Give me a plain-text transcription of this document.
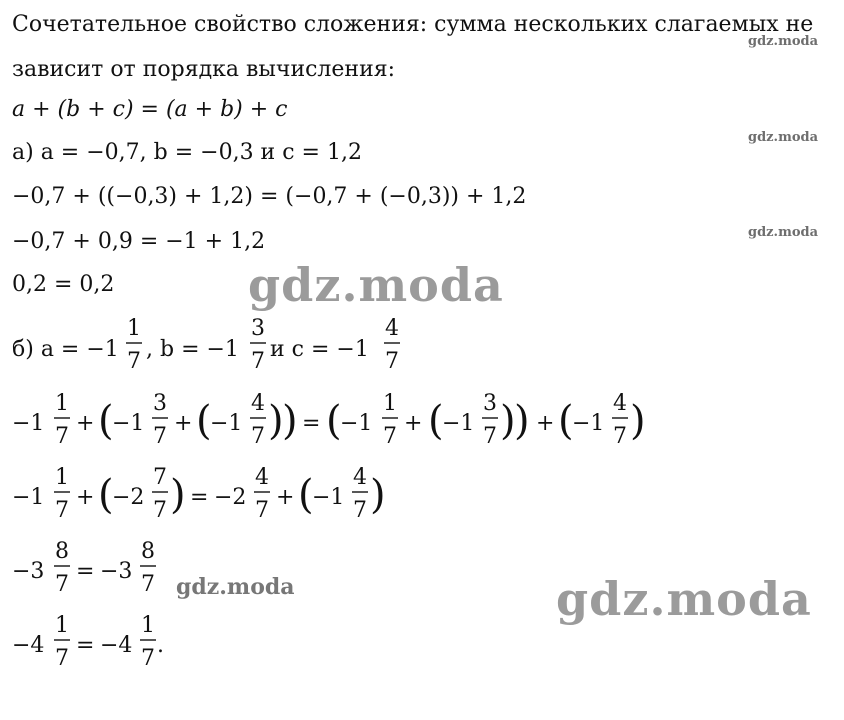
Сочетательное свойство сложения: сумма нескольких слагаемых не
зависит от порядка вычисления:
a + (b + c) = (a + b) + c
а) a = −0,7, b = −0,3 и c = 1,2
−0,7 + ((−0,3) + 1,2) = (−0,7 + (−0,3)) + 1,2
−0,7 + 0,9 = −1 + 1,2
0,2 = 0,2
б) a = −1
1
7 , b = −1
3
7 и c = −1
4
7
−1
1
7
+ (
−1
3
7
+ (
−1
4
7 )
) = (
−1
1
7
+ (
−1
3
7 )
) + (
−1
4
7 )
−1
1
7
+ (
−2
7
7 ) = −2
4
7
+ (
−1
4
7 )
−3
8
7
= −3
8
7
−4
1
7
= −4
1
7
.
gdz.moda
gdz.moda
gdz.moda
gdz.moda
gdz.moda
gdz.moda
